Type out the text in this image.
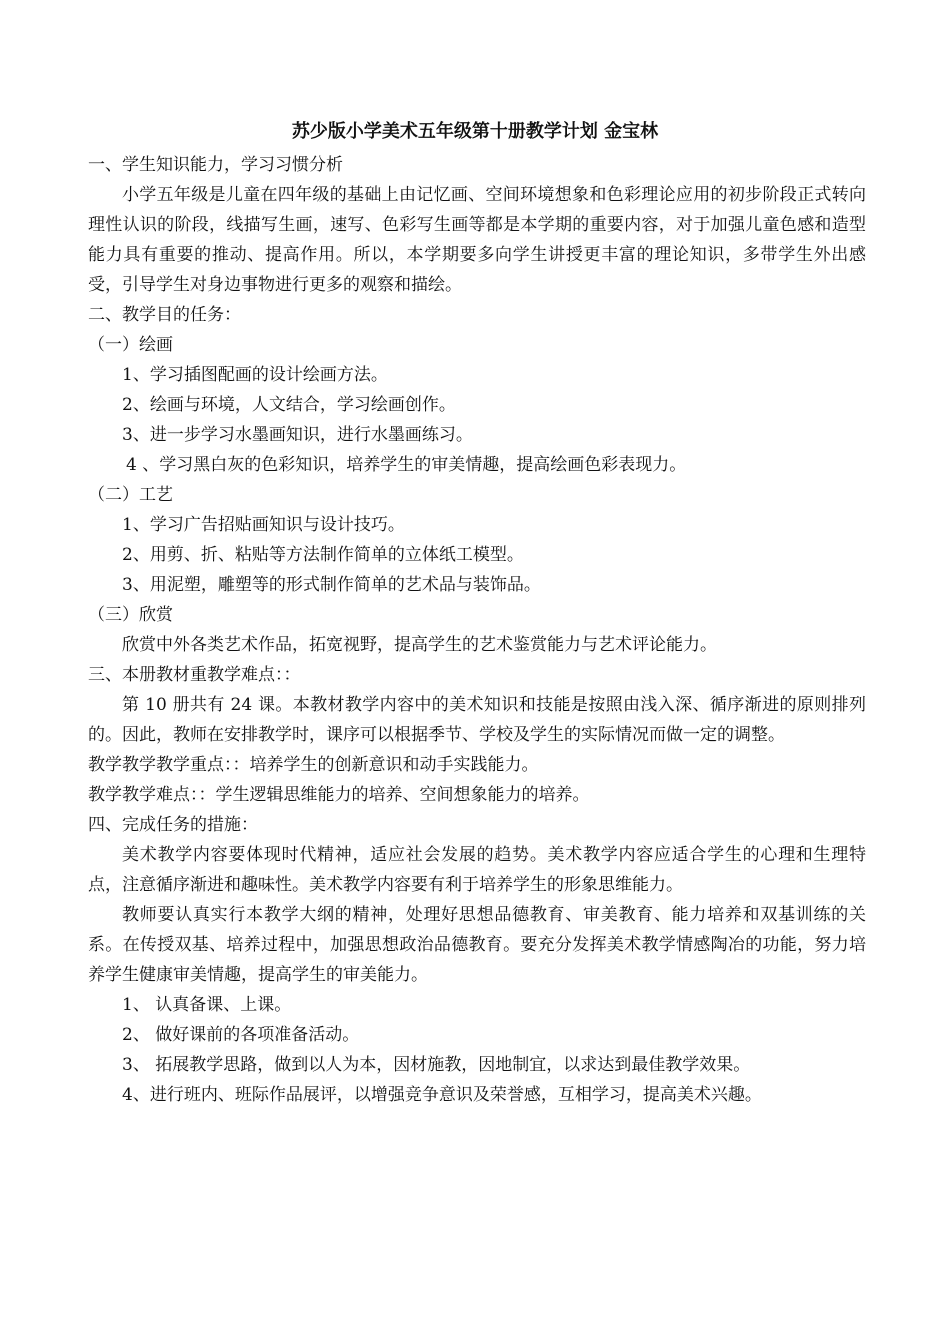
苏少版小学美术五年级第十册教学计划 金宝林

一、学生知识能力，学习习惯分析

小学五年级是儿童在四年级的基础上由记忆画、空间环境想象和色彩理论应用的初步阶段正式转向理性认识的阶段，线描写生画，速写、色彩写生画等都是本学期的重要内容，对于加强儿童色感和造型能力具有重要的推动、提高作用。所以，本学期要多向学生讲授更丰富的理论知识，多带学生外出感受，引导学生对身边事物进行更多的观察和描绘。

二、教学目的任务：

（一）绘画

1、学习插图配画的设计绘画方法。

2、绘画与环境，人文结合，学习绘画创作。

3、进一步学习水墨画知识，进行水墨画练习。

4 、学习黑白灰的色彩知识，培养学生的审美情趣，提高绘画色彩表现力。

（二）工艺

1、学习广告招贴画知识与设计技巧。

2、用剪、折、粘贴等方法制作简单的立体纸工模型。

3、用泥塑，雕塑等的形式制作简单的艺术品与装饰品。

（三）欣赏

欣赏中外各类艺术作品，拓宽视野，提高学生的艺术鉴赏能力与艺术评论能力。

三、本册教材重教学难点：：

第 10 册共有 24 课。本教材教学内容中的美术知识和技能是按照由浅入深、循序渐进的原则排列的。因此，教师在安排教学时，课序可以根据季节、学校及学生的实际情况而做一定的调整。

教学教学教学重点：：培养学生的创新意识和动手实践能力。

教学教学难点：：学生逻辑思维能力的培养、空间想象能力的培养。

四、完成任务的措施：

美术教学内容要体现时代精神，适应社会发展的趋势。美术教学内容应适合学生的心理和生理特点，注意循序渐进和趣味性。美术教学内容要有利于培养学生的形象思维能力。

教师要认真实行本教学大纲的精神，处理好思想品德教育、审美教育、能力培养和双基训练的关系。在传授双基、培养过程中，加强思想政治品德教育。要充分发挥美术教学情感陶冶的功能，努力培养学生健康审美情趣，提高学生的审美能力。

1、 认真备课、上课。

2、 做好课前的各项准备活动。

3、 拓展教学思路，做到以人为本，因材施教，因地制宜，以求达到最佳教学效果。

4、进行班内、班际作品展评，以增强竞争意识及荣誉感，互相学习，提高美术兴趣。
